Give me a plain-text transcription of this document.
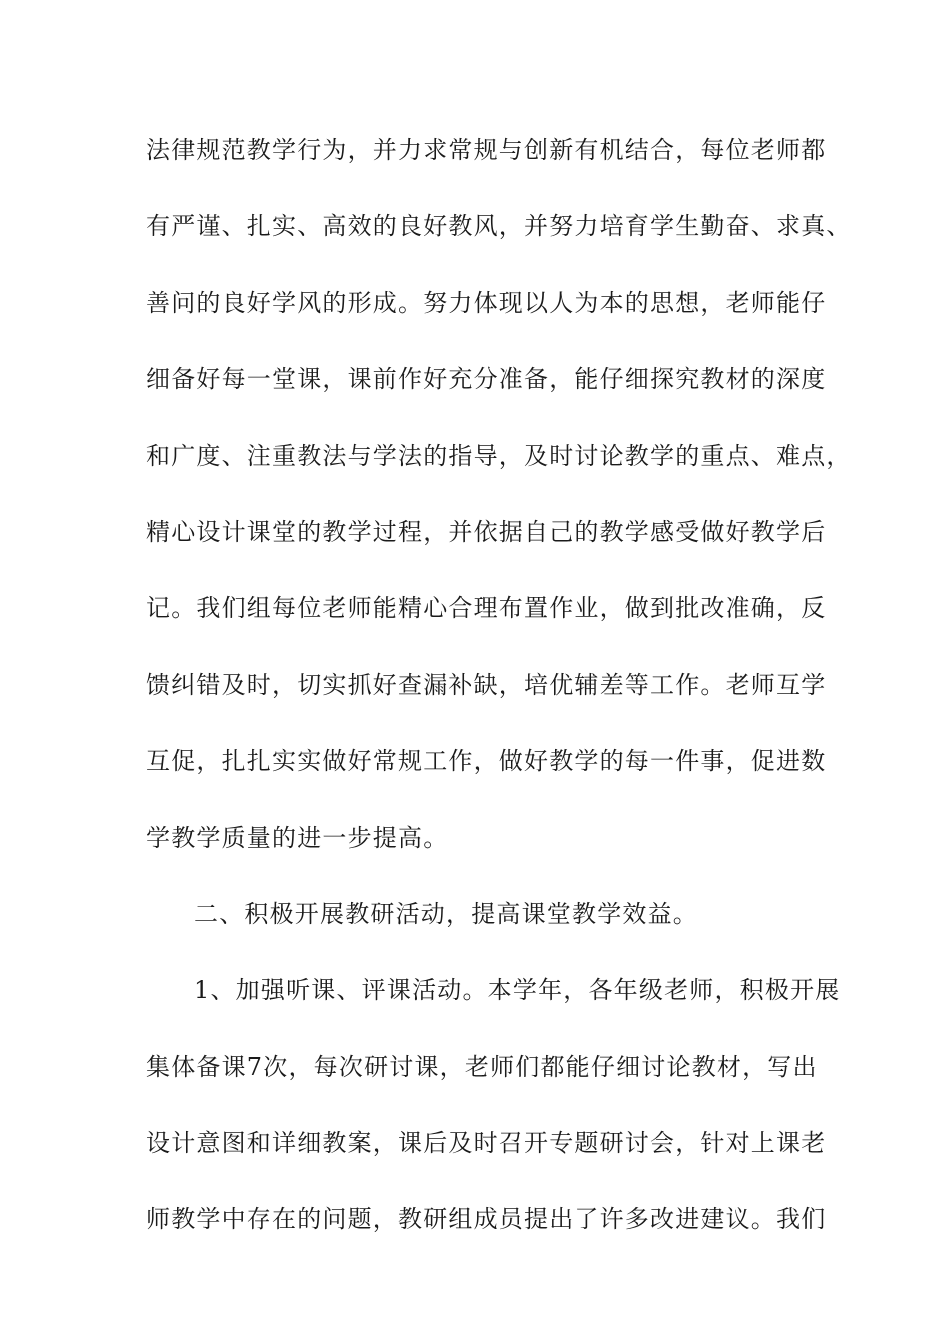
法律规范教学行为，并力求常规与创新有机结合，每位老师都
有严谨、扎实、高效的良好教风，并努力培育学生勤奋、求真、
善问的良好学风的形成。努力体现以人为本的思想，老师能仔
细备好每一堂课，课前作好充分准备，能仔细探究教材的深度
和广度、注重教法与学法的指导，及时讨论教学的重点、难点，
精心设计课堂的教学过程，并依据自己的教学感受做好教学后
记。我们组每位老师能精心合理布置作业，做到批改准确，反
馈纠错及时，切实抓好查漏补缺，培优辅差等工作。老师互学
互促，扎扎实实做好常规工作，做好教学的每一件事，促进数
学教学质量的进一步提高。
二、积极开展教研活动，提高课堂教学效益。
1、加强听课、评课活动。本学年，各年级老师，积极开展
集体备课7次，每次研讨课，老师们都能仔细讨论教材，写出
设计意图和详细教案，课后及时召开专题研讨会，针对上课老
师教学中存在的问题，教研组成员提出了许多改进建议。我们
